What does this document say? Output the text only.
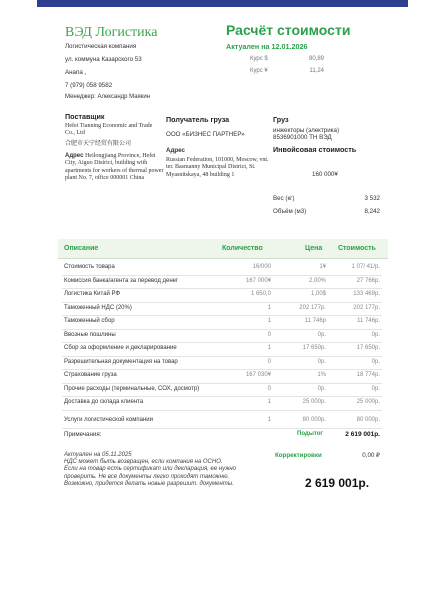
ВЭД Логистика
Логистическая компания
ул. коммуна Казарского 53
Анапа ,
7 (979) 058 9582
Менеджер: Александр Маякин
Расчёт стоимости
Актуален на 12.01.2026
Курс $	80,89
Курс ¥	11,24
Поставщик
Hefei Tianning Economic and Trade Co., Ltd
合肥市天宁经贸有限公司
Адрес Heilongjiang Province, Hefei City, Aiguo District, building with apartments for workers of thermal power plant No. 7, office 000001 China
Получатель груза
ООО «БИЗНЕС ПАРТНЕР»
Адрес
Russian Federation, 101000, Moscow, vnt. ter. Basmanny Municipal District, St. Myasnitskaya, 48 building 1
Груз
инжекторы (электрика)
8536901000 ТН ВЭД
Инвойсовая стоимость
160 000¥
Вес (кг)	3 532
Объём (м3)	8,242
Описание	Количество	Цена Стоимость
Стоимость товара	16/000	1¥	1 07/ 41/p.
Комиссия банка/агента за перевод денег	167 000¥	2,00%	27 766p.
Логистика Китай РФ	1 650,0	1,00$	133 469p.
Таможенный НДС (20%)	1	202 177p.	202 177p.
Таможенный сбор	1	11 746p	11 746p.
Ввозные пошлины	0	0p.	0p.
Сбор за оформление и декларирование	1	17 650p.	17 650p.
Разрешительная документация на товар	0	0p.	0p.
Страхование груза	167 030¥	1%	18 774p.
Прочие расходы (терминальные, СОХ, досмотр)	0	0p.	0p.
Доставка до склада клиента	1	25 000p.	25 000p.
Услуги логистической компании	1	80 000p.	80 000p.
Примечания:	Подытог	2 619 001p.
Актуален на 05.11.2025
НДС может быть возвращен, если компания на ОСНО.
Если на товар есть сертификат или декларация, ее нужно
проверить. Не все документы легко проходят таможню.
Возможно, придется делать новые разрешит. документы.
Корректировки	0,00 ₽
2 619 001р.
